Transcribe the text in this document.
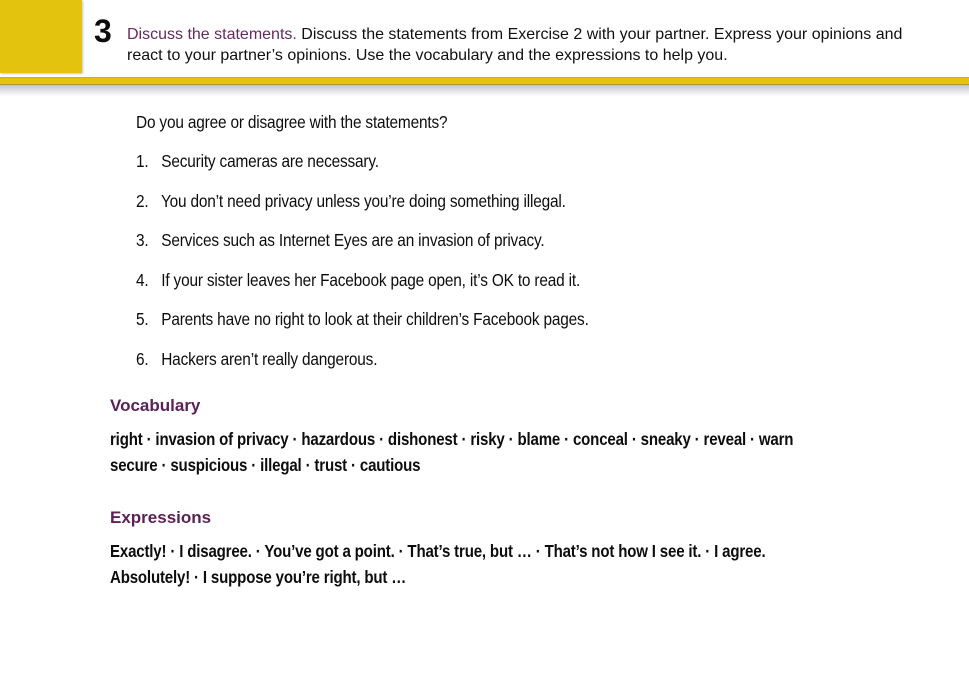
3 Discuss the statements. Discuss the statements from Exercise 2 with your partner. Express your opinions and react to your partner’s opinions. Use the vocabulary and the expressions to help you.

Do you agree or disagree with the statements?
1. Security cameras are necessary.
2. You don’t need privacy unless you’re doing something illegal.
3. Services such as Internet Eyes are an invasion of privacy.
4. If your sister leaves her Facebook page open, it’s OK to read it.
5. Parents have no right to look at their children’s Facebook pages.
6. Hackers aren’t really dangerous.
Vocabulary
right · invasion of privacy · hazardous · dishonest · risky · blame · conceal · sneaky · reveal · warn
secure · suspicious · illegal · trust · cautious
Expressions
Exactly! · I disagree. · You’ve got a point. · That’s true, but … · That’s not how I see it. · I agree.
Absolutely! · I suppose you’re right, but …
